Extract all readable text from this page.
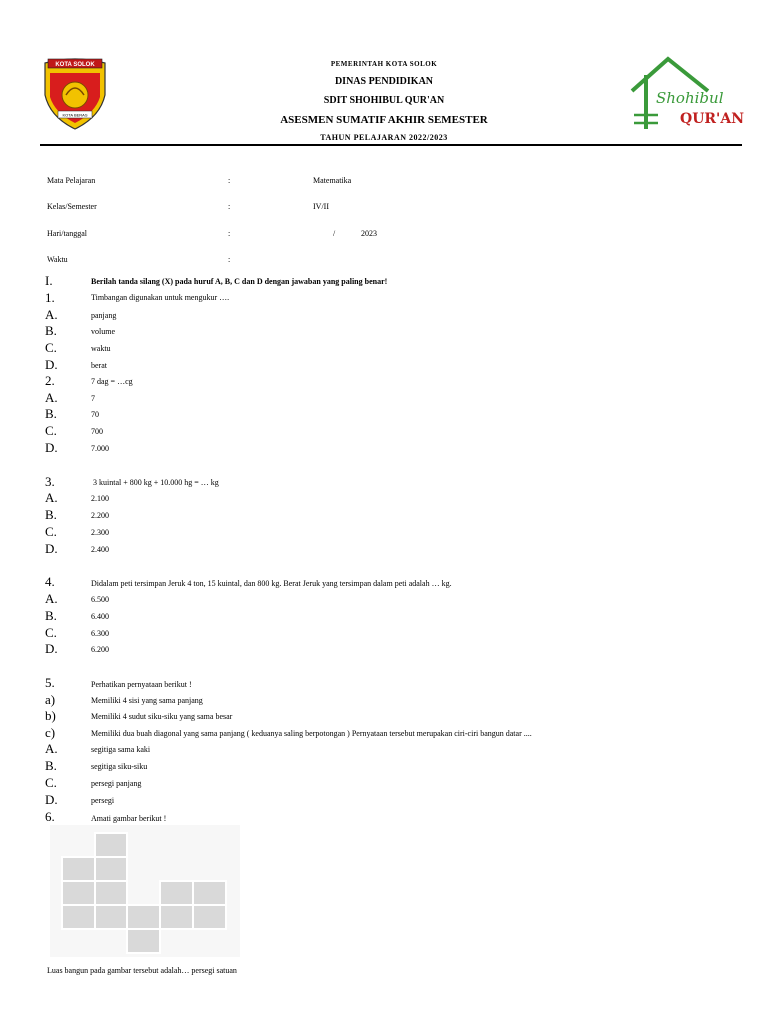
KOTA SOLOK
KOTA BERAS
Shohibul
QUR'AN
PEMERINTAH KOTA SOLOK
DINAS PENDIDIKAN
SDIT SHOHIBUL QUR'AN
ASESMEN SUMATIF AKHIR SEMESTER
TAHUN PELAJARAN 2022/2023
Mata Pelajaran	:	Matematika
Kelas/Semester	:	IV/II
Hari/tanggal	:	/	2023
Waktu	:
I.	Berilah tanda silang (X) pada huruf A, B, C dan D dengan jawaban yang paling benar!
1.	Timbangan digunakan untuk mengukur ….
A.	panjang
B.	volume
C.	waktu
D.	berat
2.	7 dag = …cg
A.	7
B.	70
C.	700
D.	7.000
3.	3 kuintal + 800 kg + 10.000 hg = … kg
A.	2.100
B.	2.200
C.	2.300
D.	2.400
4.	Didalam peti tersimpan Jeruk 4 ton, 15 kuintal, dan 800 kg. Berat Jeruk yang tersimpan dalam peti adalah … kg.
A.	6.500
B.	6.400
C.	6.300
D.	6.200
5.	Perhatikan pernyataan berikut !
a)	Memiliki 4 sisi yang sama panjang
b)	Memiliki 4 sudut siku-siku yang sama besar
c)	Memiliki dua buah diagonal yang sama panjang ( keduanya saling berpotongan ) Pernyataan tersebut merupakan ciri-ciri bangun datar ....
A.	segitiga sama kaki
B.	segitiga siku-siku
C.	persegi panjang
D.	persegi
6.	Amati gambar berikut !
Luas bangun pada gambar tersebut adalah… persegi satuan
